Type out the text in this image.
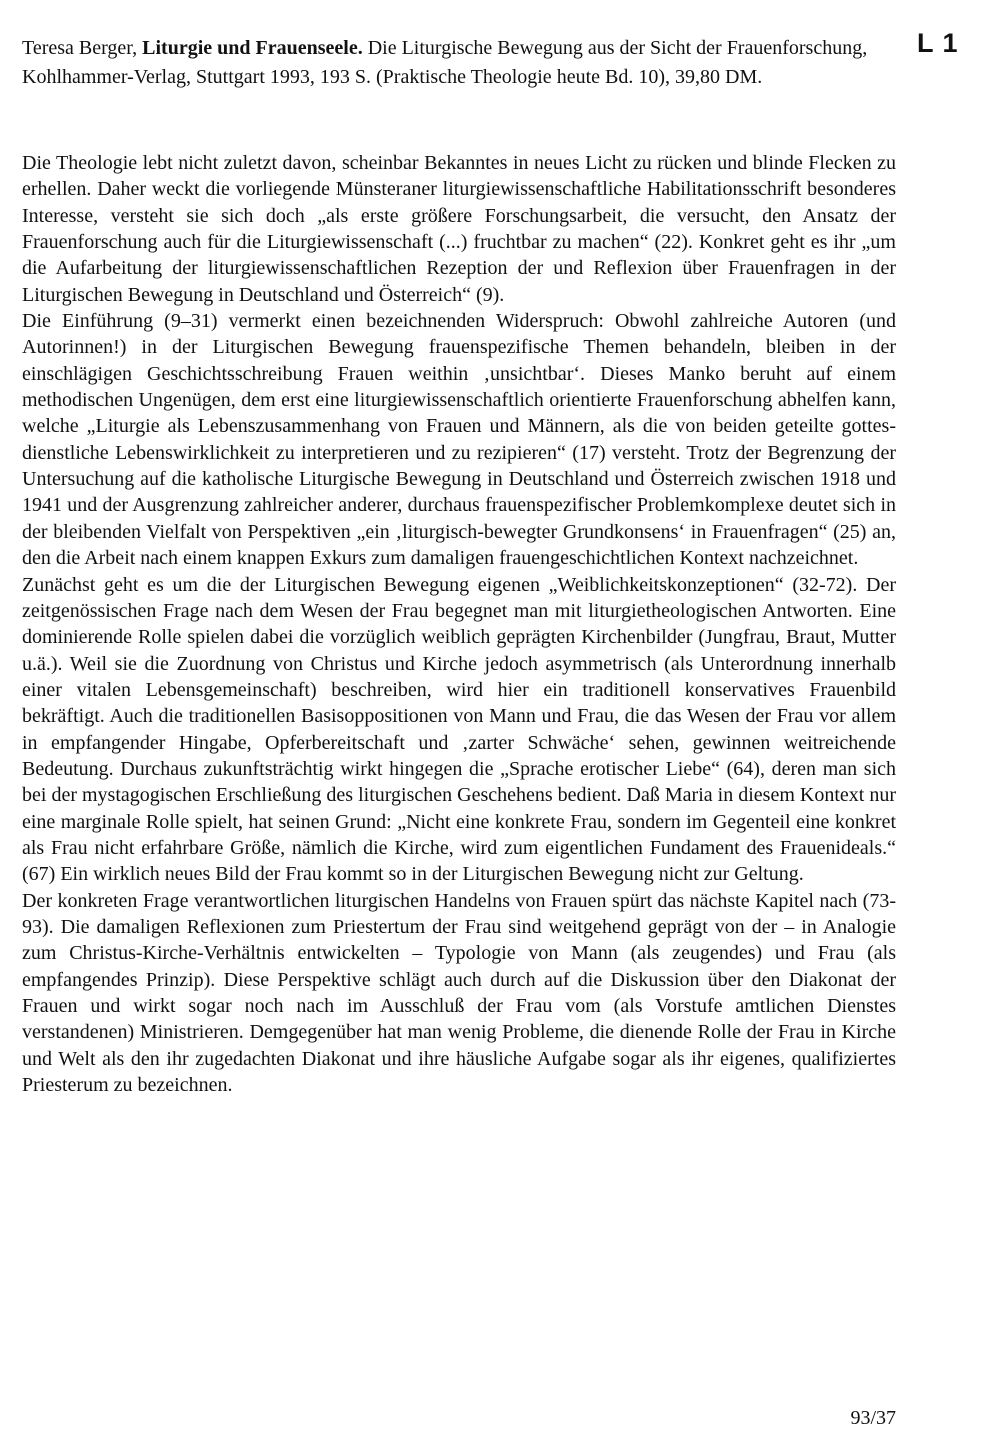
L 1
Teresa Berger, Liturgie und Frauenseele. Die Liturgische Bewegung aus der Sicht der Frauenforschung, Kohlhammer-Verlag, Stuttgart 1993, 193 S. (Praktische Theologie heute Bd. 10), 39,80 DM.

Die Theologie lebt nicht zuletzt davon, scheinbar Bekanntes in neues Licht zu rücken und blinde Flecken zu erhellen. Daher weckt die vorliegende Münsteraner liturgiewissenschaftliche Habilitationsschrift besonderes Interesse, versteht sie sich doch „als erste größere Forschungsarbeit, die versucht, den Ansatz der Frauenforschung auch für die Liturgiewissenschaft (...) fruchtbar zu machen“ (22). Konkret geht es ihr „um die Aufarbeitung der liturgiewissenschaftlichen Rezeption der und Reflexion über Frauenfragen in der Liturgischen Bewegung in Deutschland und Österreich“ (9).

Die Einführung (9–31) vermerkt einen bezeichnenden Widerspruch: Obwohl zahlreiche Autoren (und Autorinnen!) in der Liturgischen Bewegung frauenspezifische Themen behandeln, bleiben in der einschlägigen Geschichtsschreibung Frauen weithin ‚unsichtbar‘. Dieses Manko beruht auf einem methodischen Ungenügen, dem erst eine liturgiewissenschaftlich orientierte Frauenforschung abhelfen kann, welche „Liturgie als Lebenszusammenhang von Frauen und Männern, als die von beiden geteilte gottesdienstliche Lebenswirklichkeit zu interpretieren und zu rezipieren“ (17) versteht. Trotz der Begrenzung der Untersuchung auf die katholische Liturgische Bewegung in Deutschland und Österreich zwischen 1918 und 1941 und der Ausgrenzung zahlreicher anderer, durchaus frauenspezifischer Problemkomplexe deutet sich in der bleibenden Vielfalt von Perspektiven „ein ‚liturgisch-bewegter Grundkonsens‘ in Frauenfragen“ (25) an, den die Arbeit nach einem knappen Exkurs zum damaligen frauengeschichtlichen Kontext nachzeichnet.

Zunächst geht es um die der Liturgischen Bewegung eigenen „Weiblichkeitskonzeptionen“ (32-72). Der zeitgenössischen Frage nach dem Wesen der Frau begegnet man mit liturgietheologischen Antworten. Eine dominierende Rolle spielen dabei die vorzüglich weiblich geprägten Kirchenbilder (Jungfrau, Braut, Mutter u.ä.). Weil sie die Zuordnung von Christus und Kirche jedoch asymmetrisch (als Unterordnung innerhalb einer vitalen Lebensgemeinschaft) beschreiben, wird hier ein traditionell konservatives Frauenbild bekräftigt. Auch die traditionellen Basisoppositionen von Mann und Frau, die das Wesen der Frau vor allem in empfangender Hingabe, Opferbereitschaft und ‚zarter Schwäche‘ sehen, gewinnen weitreichende Bedeutung. Durchaus zukunftsträchtig wirkt hingegen die „Sprache erotischer Liebe“ (64), deren man sich bei der mystagogischen Erschließung des liturgischen Geschehens bedient. Daß Maria in diesem Kontext nur eine marginale Rolle spielt, hat seinen Grund: „Nicht eine konkrete Frau, sondern im Gegenteil eine konkret als Frau nicht erfahrbare Größe, nämlich die Kirche, wird zum eigentlichen Fundament des Frauenideals.“ (67) Ein wirklich neues Bild der Frau kommt so in der Liturgischen Bewegung nicht zur Geltung.

Der konkreten Frage verantwortlichen liturgischen Handelns von Frauen spürt das nächste Kapitel nach (73-93). Die damaligen Reflexionen zum Priestertum der Frau sind weitgehend geprägt von der – in Analogie zum Christus-Kirche-Verhältnis entwickelten – Typologie von Mann (als zeugendes) und Frau (als empfangendes Prinzip). Diese Perspektive schlägt auch durch auf die Diskussion über den Diakonat der Frauen und wirkt sogar noch nach im Ausschluß der Frau vom (als Vorstufe amtlichen Dienstes verstandenen) Ministrieren. Demgegenüber hat man wenig Probleme, die dienende Rolle der Frau in Kirche und Welt als den ihr zugedachten Diakonat und ihre häusliche Aufgabe sogar als ihr eigenes, qualifiziertes Priesterum zu bezeichnen.

93/37
